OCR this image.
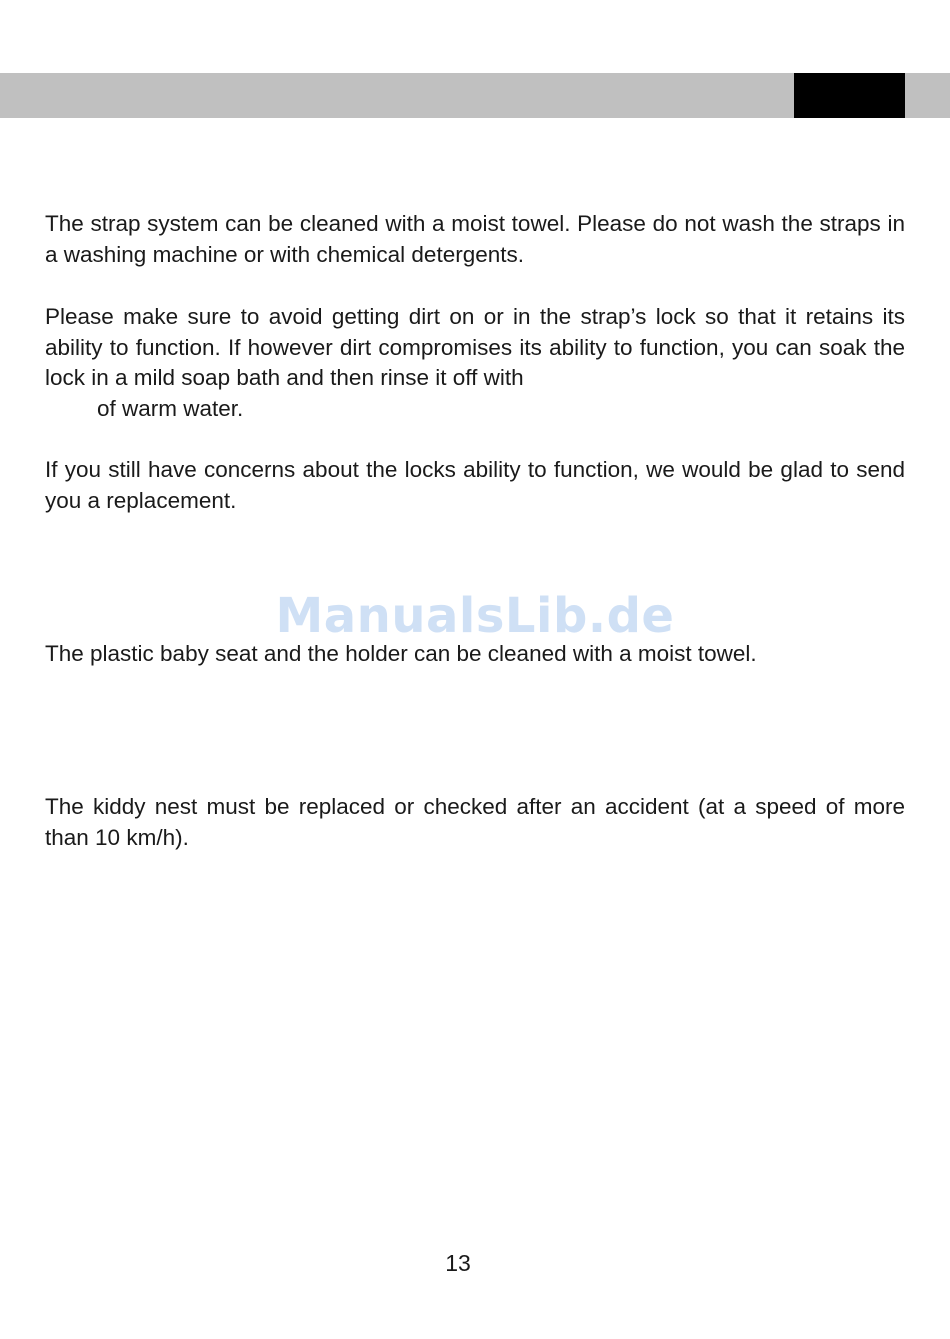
The strap system can be cleaned with a moist towel. Please do not wash the straps in a washing machine or with chemical detergents.

Please make sure to avoid getting dirt on or in the strap’s lock so that it retains its ability to function. If however dirt compromises its ability to function, you can soak the lock in a mild soap bath and then rinse it off with

of warm water.

If you still have concerns about the locks ability to function, we would be glad to send you a replacement.

ManualsLib.de

The plastic baby seat and the holder can be cleaned with a moist towel.

The kiddy nest must be replaced or checked after an accident (at a speed of more than 10 km/h).

13
